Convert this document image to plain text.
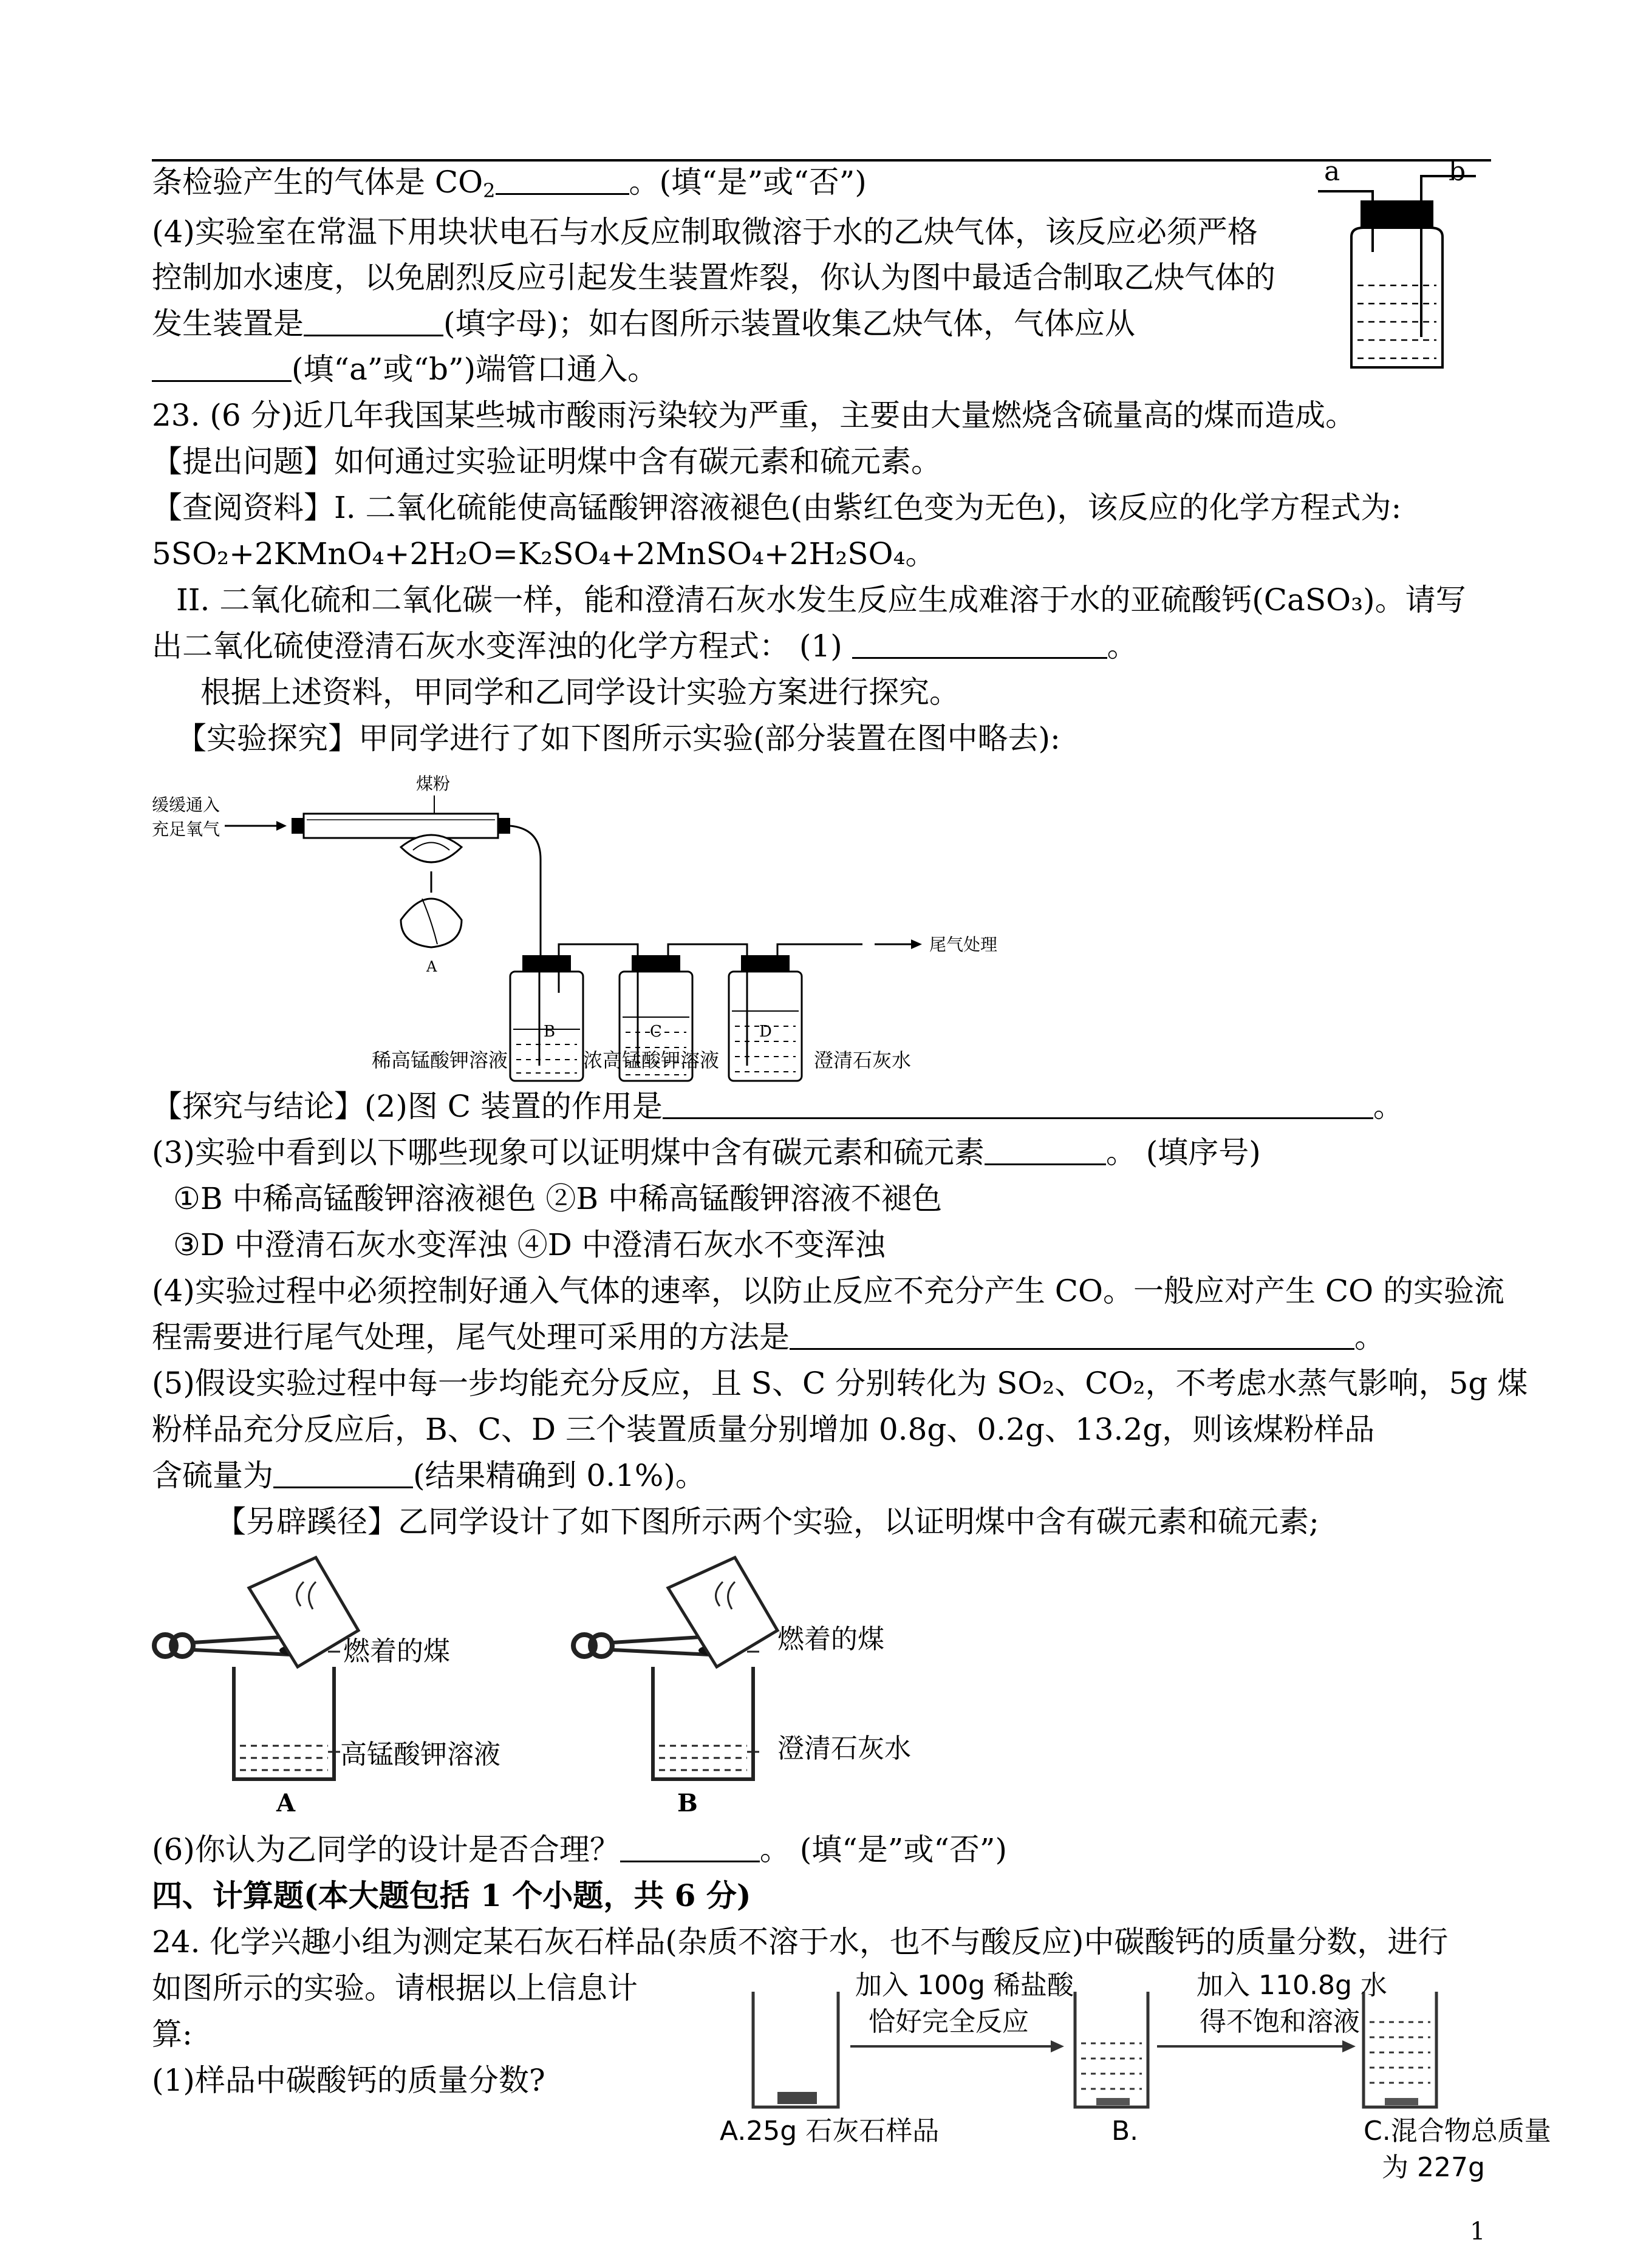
条检验产生的气体是 $CO_2$	。(填“是”或“否”)
(4)实验室在常温下用块状电石与水反应制取微溶于水的乙炔气体，该反应必须严格
控制加水速度，以免剧烈反应引起发生装置炸裂，你认为图中最适合制取乙炔气体的
发生装置是	(填字母)；如右图所示装置收集乙炔气体，气体应从
(填“a”或“b”)端管口通入。
23. (6 分)近几年我国某些城市酸雨污染较为严重，主要由大量燃烧含硫量高的煤而造成。
【提出问题】如何通过实验证明煤中含有碳元素和硫元素。
【查阅资料】I. 二氧化硫能使高锰酸钾溶液褪色(由紫红色变为无色)，该反应的化学方程式为:
5SO₂+2KMnO₄+2H₂O=K₂SO₄+2MnSO₄+2H₂SO₄。
II. 二氧化硫和二氧化碳一样，能和澄清石灰水发生反应生成难溶于水的亚硫酸钙(CaSO₃)。请写
出二氧化硫使澄清石灰水变浑浊的化学方程式： (1)	。
根据上述资料，甲同学和乙同学设计实验方案进行探究。
【实验探究】甲同学进行了如下图所示实验(部分装置在图中略去):
煤粉
缓缓通入
充足氧气
A
尾气处理
B	C	D
稀高锰酸钾溶液	浓高锰酸钾溶液	澄清石灰水
【探究与结论】(2)图 C 装置的作用是	。
(3)实验中看到以下哪些现象可以证明煤中含有碳元素和硫元素	。 (填序号)
①B 中稀高锰酸钾溶液褪色 ②B 中稀高锰酸钾溶液不褪色
③D 中澄清石灰水变浑浊 ④D 中澄清石灰水不变浑浊
(4)实验过程中必须控制好通入气体的速率，以防止反应不充分产生 CO。一般应对产生 CO 的实验流
程需要进行尾气处理，尾气处理可采用的方法是	。
(5)假设实验过程中每一步均能充分反应，且 S、C 分别转化为 SO₂、CO₂，不考虑水蒸气影响，5g 煤
粉样品充分反应后，B、C、D 三个装置质量分别增加 0.8g、0.2g、13.2g，则该煤粉样品
含硫量为	(结果精确到 0.1%)。
【另辟蹊径】乙同学设计了如下图所示两个实验，以证明煤中含有碳元素和硫元素;
燃着的煤
高锰酸钾溶液
A
燃着的煤
澄清石灰水
B
(6)你认为乙同学的设计是否合理？	。 (填“是”或“否”)
四、计算题(本大题包括 1 个小题，共 6 分)
24. 化学兴趣小组为测定某石灰石样品(杂质不溶于水，也不与酸反应)中碳酸钙的质量分数，进行
如图所示的实验。请根据以上信息计
算:
(1)样品中碳酸钙的质量分数?
加入 100g 稀盐酸
恰好完全反应
加入 110.8g 水
得不饱和溶液
A.25g 石灰石样品	B.	C.混合物总质量
为 227g
a	b
1
